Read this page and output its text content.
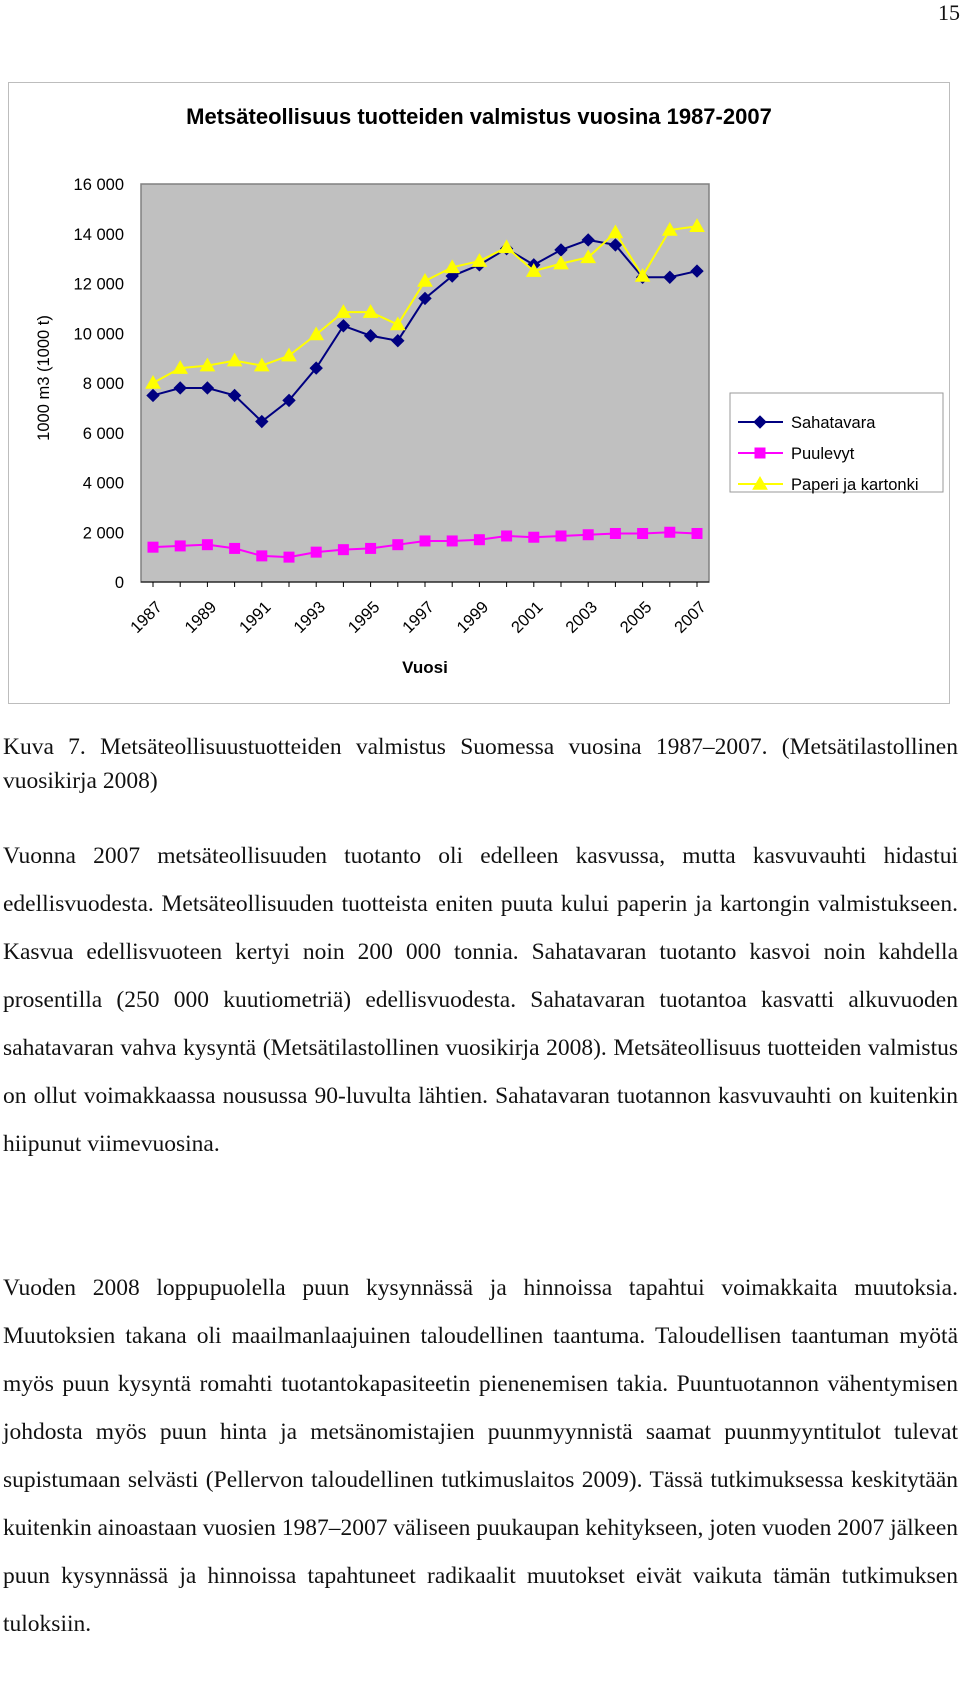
15
Metsäteollisuus tuotteiden valmistus vuosina 1987-2007
16 000
14 000
12 000
10 000
8 000
6 000
4 000
2 000
0
1000 m3 (1000 t)
1987 1989 1991 1993 1995 1997 1999 2001 2003 2005 2007
Vuosi
Sahatavara
Puulevyt
Paperi ja kartonki
Kuva 7. Metsäteollisuustuotteiden valmistus Suomessa vuosina 1987–2007. (Metsätilastollinen vuosikirja 2008)
Vuonna 2007 metsäteollisuuden tuotanto oli edelleen kasvussa, mutta kasvuvauhti hidastui edellisvuodesta. Metsäteollisuuden tuotteista eniten puuta kului paperin ja kartongin valmistukseen. Kasvua edellisvuoteen kertyi noin 200 000 tonnia. Sahatavaran tuotanto kasvoi noin kahdella prosentilla (250 000 kuutiometriä) edellisvuodesta. Sahatavaran tuotantoa kasvatti alkuvuoden sahatavaran vahva kysyntä (Metsätilastollinen vuosikirja 2008). Metsäteollisuus tuotteiden valmistus on ollut voimakkaassa nousussa 90-luvulta lähtien. Sahatavaran tuotannon kasvuvauhti on kuitenkin hiipunut viimevuosina.
Vuoden 2008 loppupuolella puun kysynnässä ja hinnoissa tapahtui voimakkaita muutoksia. Muutoksien takana oli maailmanlaajuinen taloudellinen taantuma. Taloudellisen taantuman myötä myös puun kysyntä romahti tuotantokapasiteetin pienenemisen takia. Puuntuotannon vähentymisen johdosta myös puun hinta ja metsänomistajien puunmyynnistä saamat puunmyyntitulot tulevat supistumaan selvästi (Pellervon taloudellinen tutkimuslaitos 2009). Tässä tutkimuksessa keskitytään kuitenkin ainoastaan vuosien 1987–2007 väliseen puukaupan kehitykseen, joten vuoden 2007 jälkeen puun kysynnässä ja hinnoissa tapahtuneet radikaalit muutokset eivät vaikuta tämän tutkimuksen tuloksiin.
